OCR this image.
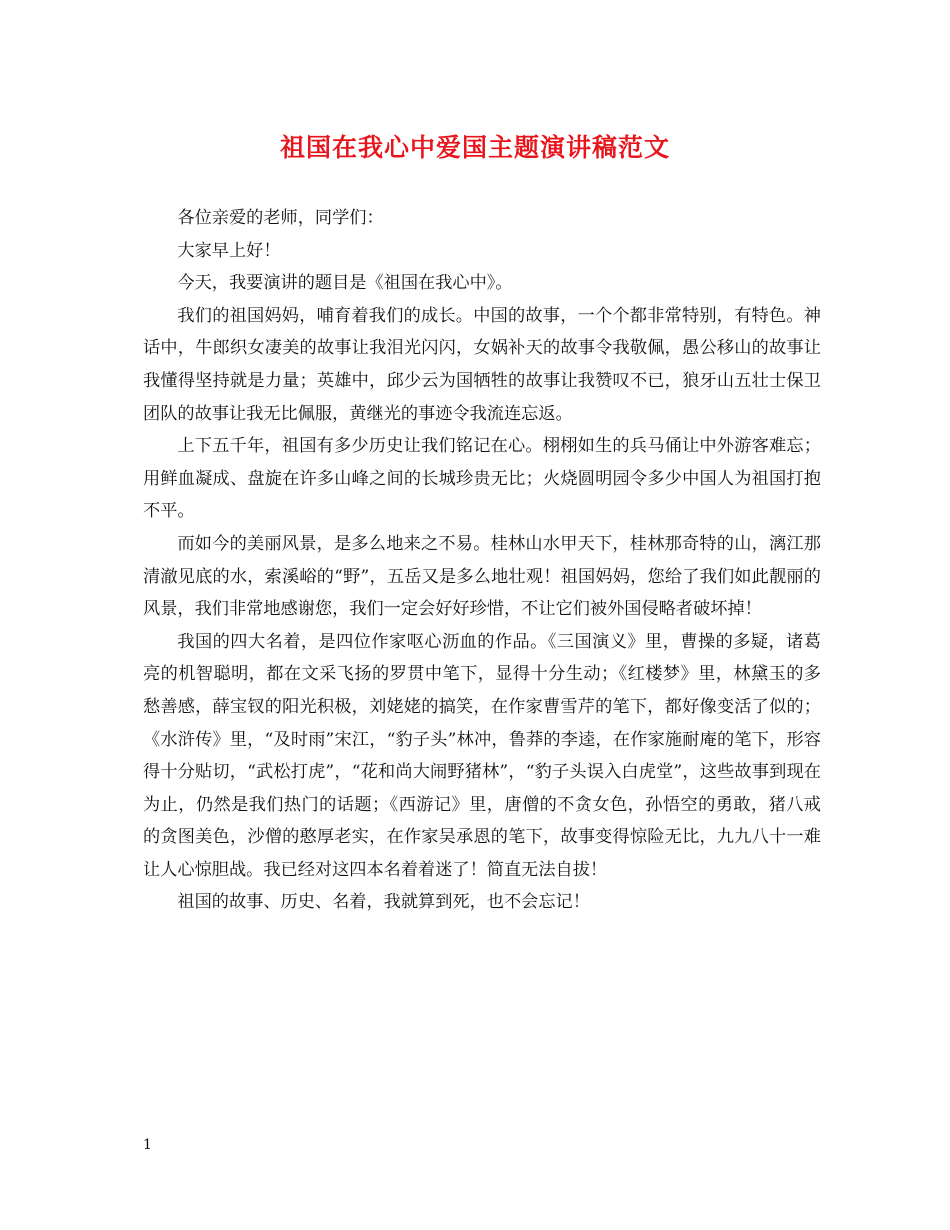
祖国在我心中爱国主题演讲稿范文

各位亲爱的老师，同学们：

大家早上好！

今天，我要演讲的题目是《祖国在我心中》。

我们的祖国妈妈，哺育着我们的成长。中国的故事，一个个都非常特别，有特色。神话中，牛郎织女凄美的故事让我泪光闪闪，女娲补天的故事令我敬佩，愚公移山的故事让我懂得坚持就是力量；英雄中，邱少云为国牺牲的故事让我赞叹不已，狼牙山五壮士保卫团队的故事让我无比佩服，黄继光的事迹令我流连忘返。

上下五千年，祖国有多少历史让我们铭记在心。栩栩如生的兵马俑让中外游客难忘；用鲜血凝成、盘旋在许多山峰之间的长城珍贵无比；火烧圆明园令多少中国人为祖国打抱不平。

而如今的美丽风景，是多么地来之不易。桂林山水甲天下，桂林那奇特的山，漓江那清澈见底的水，索溪峪的“野”，五岳又是多么地壮观！祖国妈妈，您给了我们如此靓丽的风景，我们非常地感谢您，我们一定会好好珍惜，不让它们被外国侵略者破坏掉！

我国的四大名着，是四位作家呕心沥血的作品。《三国演义》里，曹操的多疑，诸葛亮的机智聪明，都在文采飞扬的罗贯中笔下，显得十分生动；《红楼梦》里，林黛玉的多愁善感，薛宝钗的阳光积极，刘姥姥的搞笑，在作家曹雪芹的笔下，都好像变活了似的；《水浒传》里，“及时雨”宋江，“豹子头”林冲，鲁莽的李逵，在作家施耐庵的笔下，形容得十分贴切，“武松打虎”，“花和尚大闹野猪林”，“豹子头误入白虎堂”，这些故事到现在为止，仍然是我们热门的话题；《西游记》里，唐僧的不贪女色，孙悟空的勇敢，猪八戒的贪图美色，沙僧的憨厚老实，在作家吴承恩的笔下，故事变得惊险无比，九九八十一难让人心惊胆战。我已经对这四本名着着迷了！简直无法自拔！

祖国的故事、历史、名着，我就算到死，也不会忘记！

1
